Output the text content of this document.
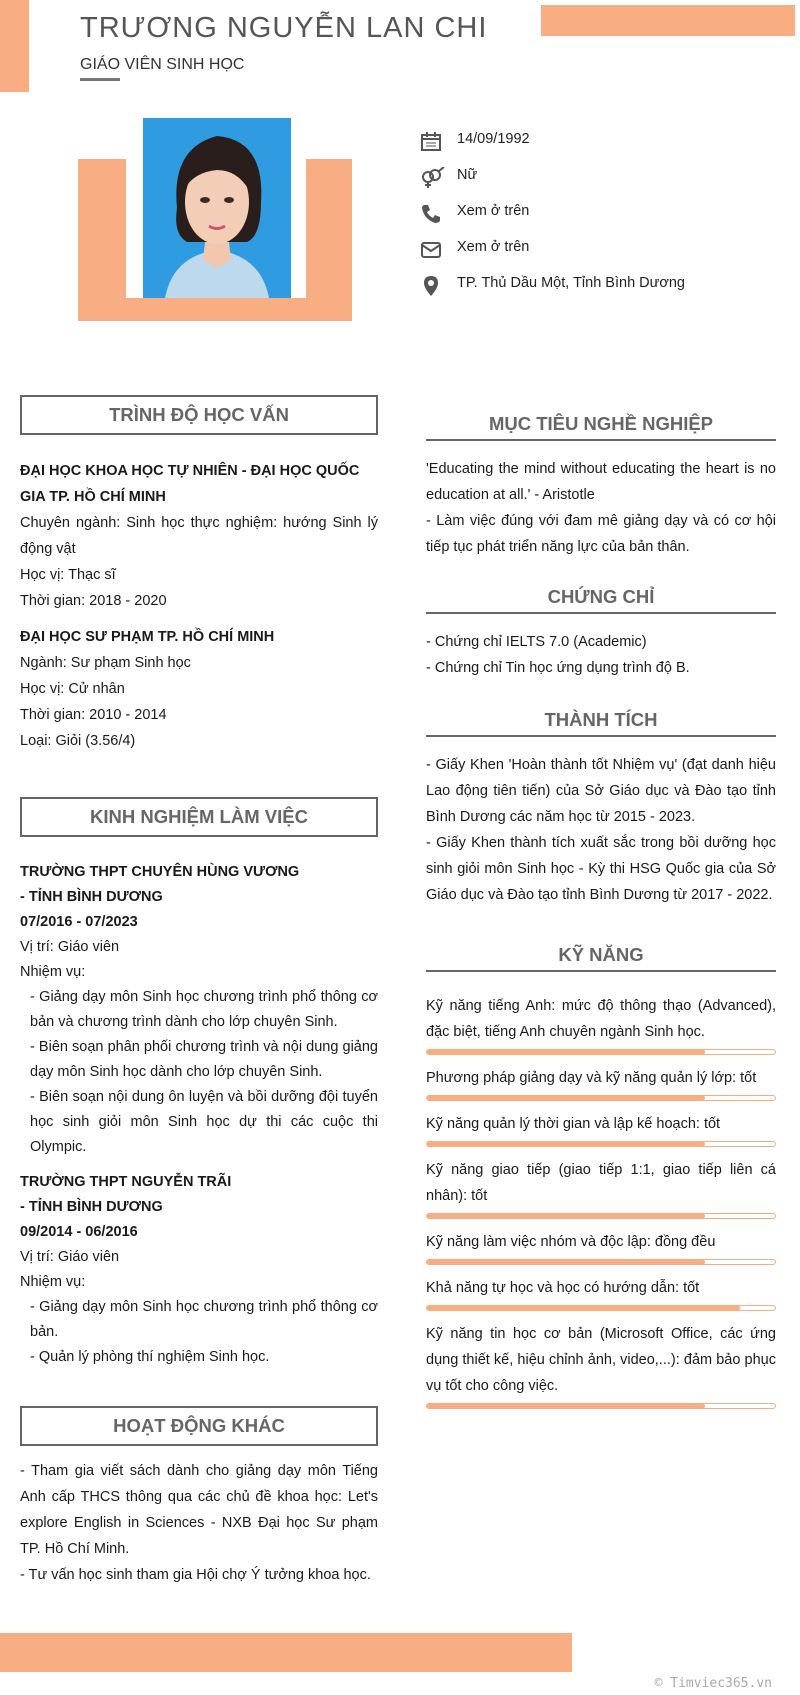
TRƯƠNG NGUYỄN LAN CHI
GIÁO VIÊN SINH HỌC
14/09/1992
Nữ
Xem ở trên
Xem ở trên
TP. Thủ Dầu Một, Tỉnh Bình Dương
TRÌNH ĐỘ HỌC VẤN
ĐẠI HỌC KHOA HỌC TỰ NHIÊN - ĐẠI HỌC QUỐC GIA TP. HỒ CHÍ MINH
Chuyên ngành: Sinh học thực nghiệm: hướng Sinh lý động vật
Học vị: Thạc sĩ
Thời gian: 2018 - 2020
ĐẠI HỌC SƯ PHẠM TP. HỒ CHÍ MINH
Ngành: Sư phạm Sinh học
Học vị: Cử nhân
Thời gian: 2010 - 2014
Loại: Giỏi (3.56/4)
KINH NGHIỆM LÀM VIỆC
TRƯỜNG THPT CHUYÊN HÙNG VƯƠNG
- TỈNH BÌNH DƯƠNG
07/2016 - 07/2023
Vị trí: Giáo viên
Nhiệm vụ:
- Giảng dạy môn Sinh học chương trình phổ thông cơ bản và chương trình dành cho lớp chuyên Sinh.
- Biên soạn phân phối chương trình và nội dung giảng dạy môn Sinh học dành cho lớp chuyên Sinh.
- Biên soạn nội dung ôn luyện và bồi dưỡng đội tuyển học sinh giỏi môn Sinh học dự thi các cuộc thi Olympic.
TRƯỜNG THPT NGUYỄN TRÃI
- TỈNH BÌNH DƯƠNG
09/2014 - 06/2016
Vị trí: Giáo viên
Nhiệm vụ:
- Giảng dạy môn Sinh học chương trình phổ thông cơ bản.
- Quản lý phòng thí nghiệm Sinh học.
HOẠT ĐỘNG KHÁC
- Tham gia viết sách dành cho giảng dạy môn Tiếng Anh cấp THCS thông qua các chủ đề khoa học: Let's explore English in Sciences - NXB Đại học Sư phạm TP. Hồ Chí Minh.
- Tư vấn học sinh tham gia Hội chợ Ý tưởng khoa học.
MỤC TIÊU NGHỀ NGHIỆP
'Educating the mind without educating the heart is no education at all.' - Aristotle
- Làm việc đúng với đam mê giảng dạy và có cơ hội tiếp tục phát triển năng lực của bản thân.
CHỨNG CHỈ
- Chứng chỉ IELTS 7.0 (Academic)
- Chứng chỉ Tin học ứng dụng trình độ B.
THÀNH TÍCH
- Giấy Khen 'Hoàn thành tốt Nhiệm vụ' (đạt danh hiệu Lao động tiên tiến) của Sở Giáo dục và Đào tạo tỉnh Bình Dương các năm học từ 2015 - 2023.
- Giấy Khen thành tích xuất sắc trong bồi dưỡng học sinh giỏi môn Sinh học - Kỳ thi HSG Quốc gia của Sở Giáo dục và Đào tạo tỉnh Bình Dương từ 2017 - 2022.
KỸ NĂNG
Kỹ năng tiếng Anh: mức độ thông thạo (Advanced), đặc biệt, tiếng Anh chuyên ngành Sinh học.
Phương pháp giảng dạy và kỹ năng quản lý lớp: tốt
Kỹ năng quản lý thời gian và lập kế hoạch: tốt
Kỹ năng giao tiếp (giao tiếp 1:1, giao tiếp liên cá nhân): tốt
Kỹ năng làm việc nhóm và độc lập: đồng đều
Khả năng tự học và học có hướng dẫn: tốt
Kỹ năng tin học cơ bản (Microsoft Office, các ứng dụng thiết kế, hiệu chỉnh ảnh, video,...): đảm bảo phục vụ tốt cho công việc.
© Timviec365.vn
